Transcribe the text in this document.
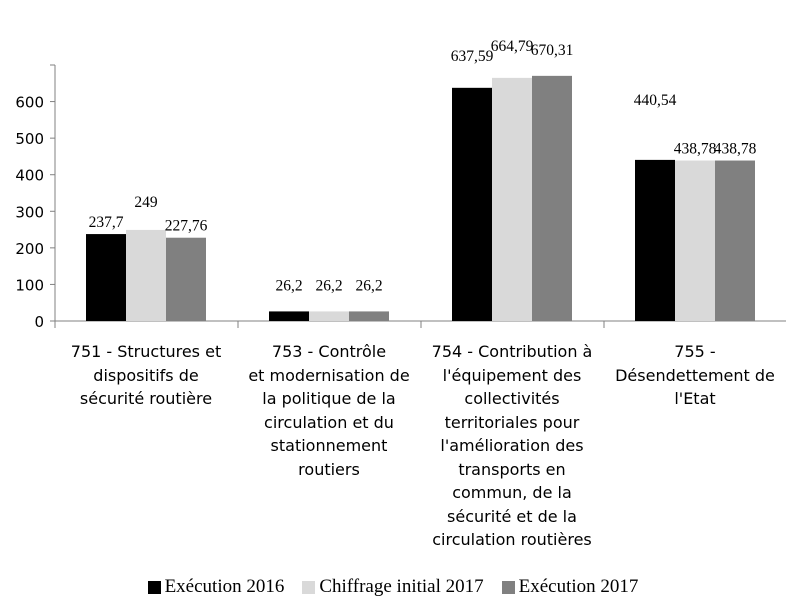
0
100
200
300
400
500
600
237,7
249
227,76
26,2 26,2 26,2
637,59
664,79
670,31
440,54
438,78
438,78
751 - Structures et
dispositifs de
sécurité routière
753 - Contrôle
et modernisation de
la politique de la
circulation et du
stationnement
routiers
754 - Contribution à
l'équipement des
collectivités
territoriales pour
l'amélioration des
transports en
commun, de la
sécurité et de la
circulation routières
755 -
Désendettement de
l'Etat
Exécution 2016 Chiffrage initial 2017 Exécution 2017
